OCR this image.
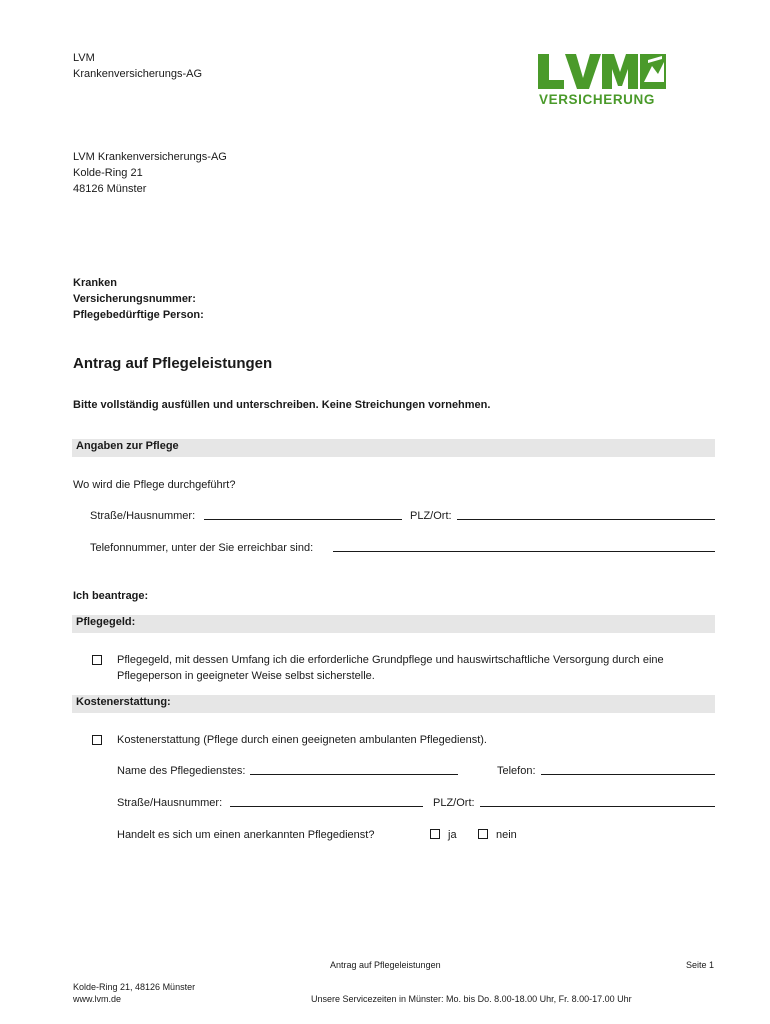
LVM
Krankenversicherungs-AG
VERSICHERUNG
LVM Krankenversicherungs-AG
Kolde-Ring 21
48126 Münster
Kranken
Versicherungsnummer:
Pflegebedürftige Person:
Antrag auf Pflegeleistungen
Bitte vollständig ausfüllen und unterschreiben. Keine Streichungen vornehmen.
Angaben zur Pflege
Wo wird die Pflege durchgeführt?
Straße/Hausnummer:	PLZ/Ort:
Telefonnummer, unter der Sie erreichbar sind:
Ich beantrage:
Pflegegeld:
Pflegegeld, mit dessen Umfang ich die erforderliche Grundpflege und hauswirtschaftliche Versorgung durch eine
Pflegeperson in geeigneter Weise selbst sicherstelle.
Kostenerstattung:
Kostenerstattung (Pflege durch einen geeigneten ambulanten Pflegedienst).
Name des Pflegedienstes:	Telefon:
Straße/Hausnummer:	PLZ/Ort:
Handelt es sich um einen anerkannten Pflegedienst?	ja	nein
Antrag auf Pflegeleistungen	Seite 1
Kolde-Ring 21, 48126 Münster
www.lvm.de	Unsere Servicezeiten in Münster: Mo. bis Do. 8.00-18.00 Uhr, Fr. 8.00-17.00 Uhr
